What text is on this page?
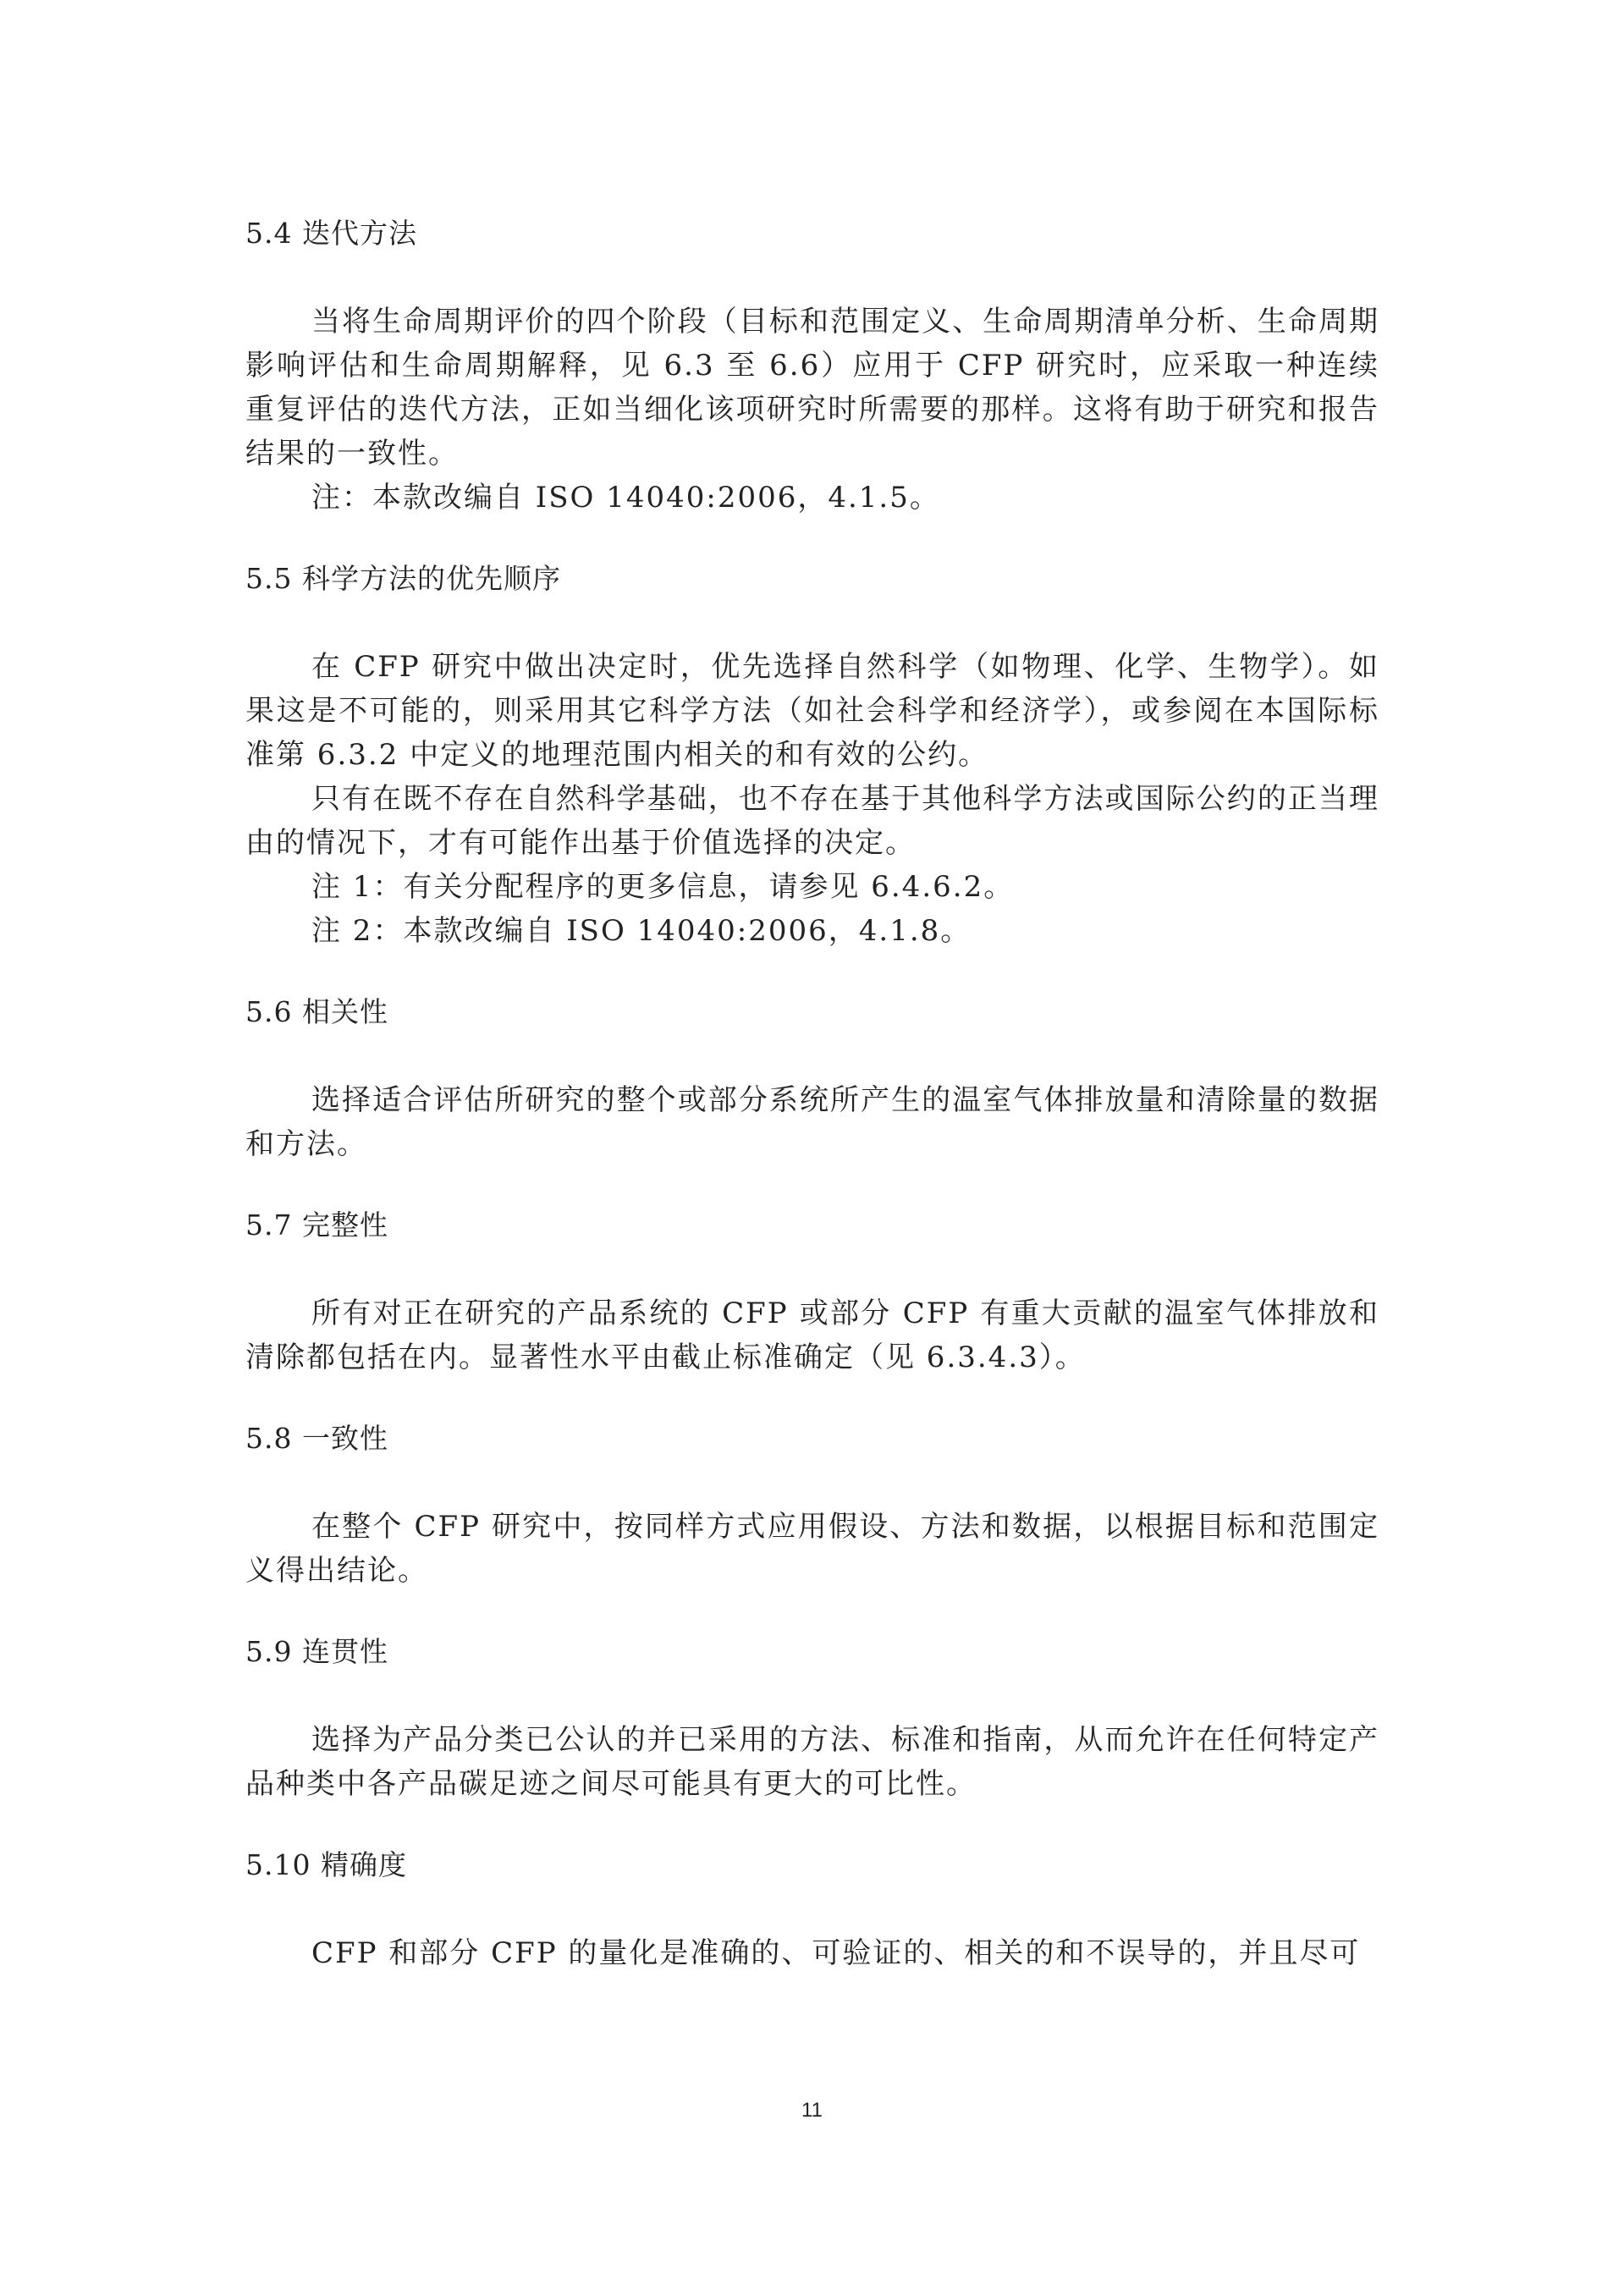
5.4 迭代方法

当将生命周期评价的四个阶段（目标和范围定义、生命周期清单分析、生命周期影响评估和生命周期解释，见 6.3 至 6.6）应用于 CFP 研究时，应采取一种连续重复评估的迭代方法，正如当细化该项研究时所需要的那样。这将有助于研究和报告结果的一致性。

注：本款改编自 ISO 14040:2006，4.1.5。

5.5 科学方法的优先顺序

在 CFP 研究中做出决定时，优先选择自然科学（如物理、化学、生物学）。如果这是不可能的，则采用其它科学方法（如社会科学和经济学），或参阅在本国际标准第 6.3.2 中定义的地理范围内相关的和有效的公约。

只有在既不存在自然科学基础，也不存在基于其他科学方法或国际公约的正当理由的情况下，才有可能作出基于价值选择的决定。

注 1：有关分配程序的更多信息，请参见 6.4.6.2。

注 2：本款改编自 ISO 14040:2006，4.1.8。

5.6 相关性

选择适合评估所研究的整个或部分系统所产生的温室气体排放量和清除量的数据和方法。

5.7 完整性

所有对正在研究的产品系统的 CFP 或部分 CFP 有重大贡献的温室气体排放和清除都包括在内。显著性水平由截止标准确定（见 6.3.4.3）。

5.8 一致性

在整个 CFP 研究中，按同样方式应用假设、方法和数据，以根据目标和范围定义得出结论。

5.9 连贯性

选择为产品分类已公认的并已采用的方法、标准和指南，从而允许在任何特定产品种类中各产品碳足迹之间尽可能具有更大的可比性。

5.10 精确度

CFP 和部分 CFP 的量化是准确的、可验证的、相关的和不误导的，并且尽可

11
